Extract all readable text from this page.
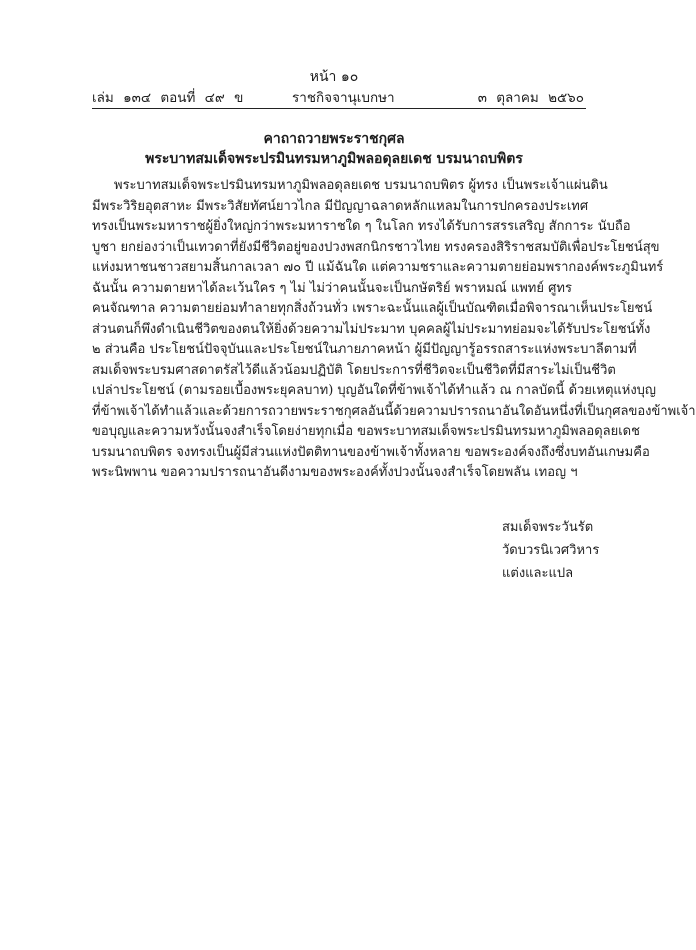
หน้า ๑๐
เล่ม ๑๓๔ ตอนที่ ๔๙ ข	ราชกิจจานุเบกษา	๓ ตุลาคม ๒๕๖๐
คาถาถวายพระราชกุศล
พระบาทสมเด็จพระปรมินทรมหาภูมิพลอดุลยเดช บรมนาถบพิตร
พระบาทสมเด็จพระปรมินทรมหาภูมิพลอดุลยเดช บรมนาถบพิตร ผู้ทรง เป็นพระเจ้าแผ่นดิน
มีพระวิริยอุตสาหะ มีพระวิสัยทัศน์ยาวไกล มีปัญญาฉลาดหลักแหลมในการปกครองประเทศ
ทรงเป็นพระมหาราชผู้ยิ่งใหญ่กว่าพระมหาราชใด ๆ ในโลก ทรงได้รับการสรรเสริญ สักการะ นับถือ
บูชา ยกย่องว่าเป็นเทวดาที่ยังมีชีวิตอยู่ของปวงพสกนิกรชาวไทย ทรงครองสิริราชสมบัติเพื่อประโยชน์สุข
แห่งมหาชนชาวสยามสิ้นกาลเวลา ๗๐ ปี แม้ฉันใด แต่ความชราและความตายย่อมพรากองค์พระภูมินทร์
ฉันนั้น ความตายหาได้ละเว้นใคร ๆ ไม่ ไม่ว่าคนนั้นจะเป็นกษัตริย์ พราหมณ์ แพทย์ ศูทร
คนจัณฑาล ความตายย่อมทำลายทุกสิ่งถ้วนทั่ว เพราะฉะนั้นแลผู้เป็นบัณฑิตเมื่อพิจารณาเห็นประโยชน์
ส่วนตนก็พึงดำเนินชีวิตของตนให้ยิ่งด้วยความไม่ประมาท บุคคลผู้ไม่ประมาทย่อมจะได้รับประโยชน์ทั้ง
๒ ส่วนคือ ประโยชน์ปัจจุบันและประโยชน์ในภายภาคหน้า ผู้มีปัญญารู้อรรถสาระแห่งพระบาลีตามที่
สมเด็จพระบรมศาสดาตรัสไว้ดีแล้วน้อมปฏิบัติ โดยประการที่ชีวิตจะเป็นชีวิตที่มีสาระไม่เป็นชีวิต
เปล่าประโยชน์ (ตามรอยเบื้องพระยุคลบาท) บุญอันใดที่ข้าพเจ้าได้ทำแล้ว ณ กาลบัดนี้ ด้วยเหตุแห่งบุญ
ที่ข้าพเจ้าได้ทำแล้วและด้วยการถวายพระราชกุศลอันนี้ด้วยความปรารถนาอันใดอันหนึ่งที่เป็นกุศลของข้าพเจ้า
ขอบุญและความหวังนั้นจงสำเร็จโดยง่ายทุกเมื่อ ขอพระบาทสมเด็จพระปรมินทรมหาภูมิพลอดุลยเดช
บรมนาถบพิตร จงทรงเป็นผู้มีส่วนแห่งปัตติทานของข้าพเจ้าทั้งหลาย ขอพระองค์จงถึงซึ่งบทอันเกษมคือ
พระนิพพาน ขอความปรารถนาอันดีงามของพระองค์ทั้งปวงนั้นจงสำเร็จโดยพลัน เทอญ ฯ
สมเด็จพระวันรัต
วัดบวรนิเวศวิหาร
แต่งและแปล
